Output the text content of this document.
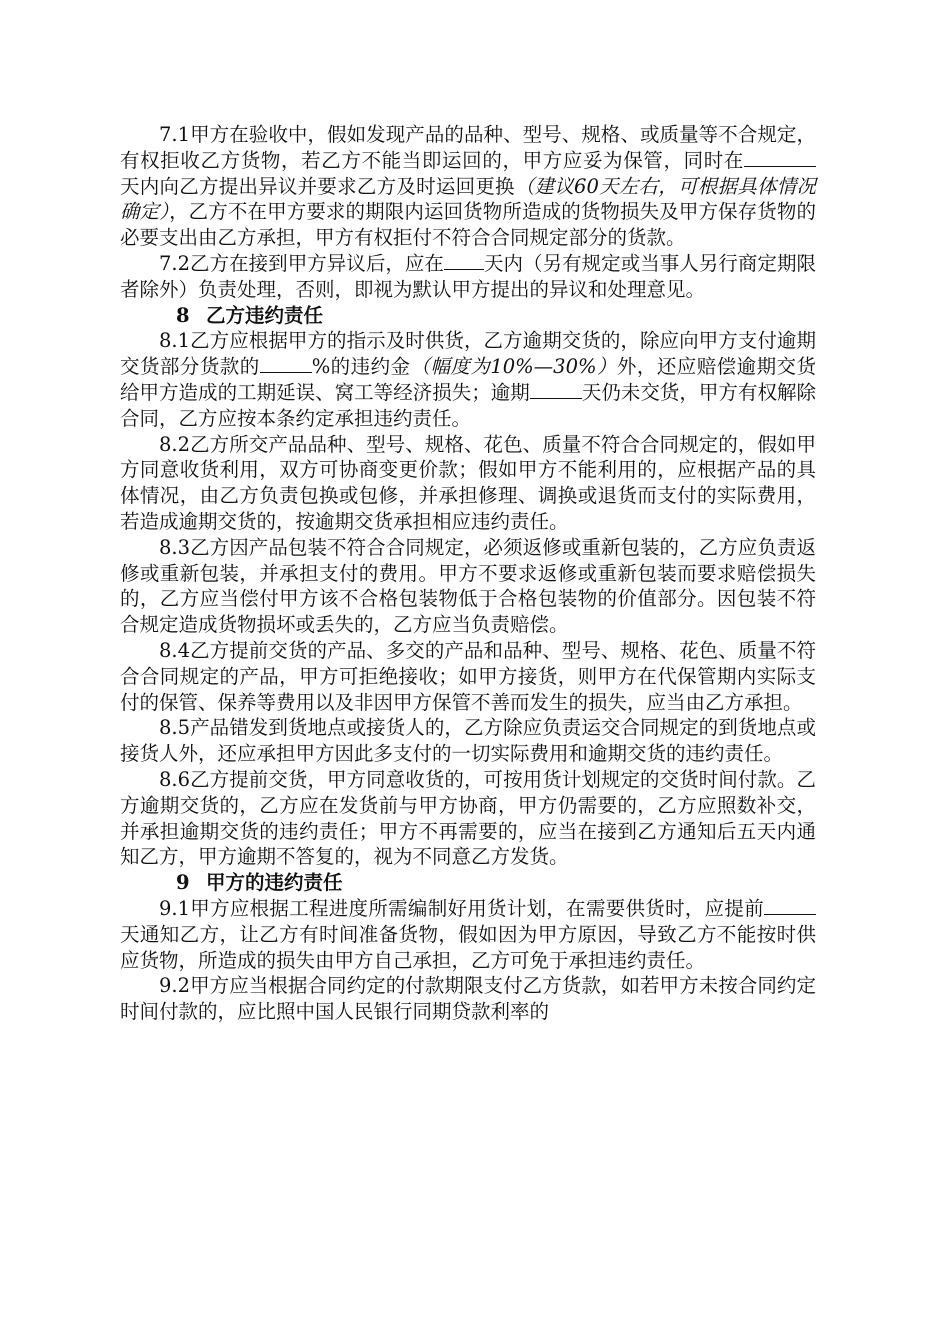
7.1甲方在验收中，假如发现产品的品种、型号、规格、或质量等不合规定，有权拒收乙方货物，若乙方不能当即运回的，甲方应妥为保管，同时在天内向乙方提出异议并要求乙方及时运回更换（建议60天左右，可根据具体情况确定），乙方不在甲方要求的期限内运回货物所造成的货物损失及甲方保存货物的必要支出由乙方承担，甲方有权拒付不符合合同规定部分的货款。

7.2乙方在接到甲方异议后，应在 天内（另有规定或当事人另行商定期限者除外）负责处理，否则，即视为默认甲方提出的异议和处理意见。

8 乙方违约责任

8.1乙方应根据甲方的指示及时供货，乙方逾期交货的，除应向甲方支付逾期交货部分货款的	%的违约金（幅度为10%—30%）外，还应赔偿逾期交货给甲方造成的工期延误、窝工等经济损失；逾期	天仍未交货，甲方有权解除合同，乙方应按本条约定承担违约责任。

8.2乙方所交产品品种、型号、规格、花色、质量不符合合同规定的，假如甲方同意收货利用，双方可协商变更价款；假如甲方不能利用的，应根据产品的具体情况，由乙方负责包换或包修，并承担修理、调换或退货而支付的实际费用，若造成逾期交货的，按逾期交货承担相应违约责任。

8.3乙方因产品包装不符合合同规定，必须返修或重新包装的，乙方应负责返修或重新包装，并承担支付的费用。甲方不要求返修或重新包装而要求赔偿损失的，乙方应当偿付甲方该不合格包装物低于合格包装物的价值部分。因包装不符合规定造成货物损坏或丢失的，乙方应当负责赔偿。

8.4乙方提前交货的产品、多交的产品和品种、型号、规格、花色、质量不符合合同规定的产品，甲方可拒绝接收；如甲方接货，则甲方在代保管期内实际支付的保管、保养等费用以及非因甲方保管不善而发生的损失，应当由乙方承担。

8.5产品错发到货地点或接货人的，乙方除应负责运交合同规定的到货地点或接货人外，还应承担甲方因此多支付的一切实际费用和逾期交货的违约责任。

8.6乙方提前交货，甲方同意收货的，可按用货计划规定的交货时间付款。乙方逾期交货的，乙方应在发货前与甲方协商，甲方仍需要的，乙方应照数补交，并承担逾期交货的违约责任；甲方不再需要的，应当在接到乙方通知后五天内通知乙方，甲方逾期不答复的，视为不同意乙方发货。

9 甲方的违约责任

9.1甲方应根据工程进度所需编制好用货计划，在需要供货时，应提前天通知乙方，让乙方有时间准备货物，假如因为甲方原因，导致乙方不能按时供应货物，所造成的损失由甲方自己承担，乙方可免于承担违约责任。

9.2甲方应当根据合同约定的付款期限支付乙方货款，如若甲方未按合同约定时间付款的，应比照中国人民银行同期贷款利率的
